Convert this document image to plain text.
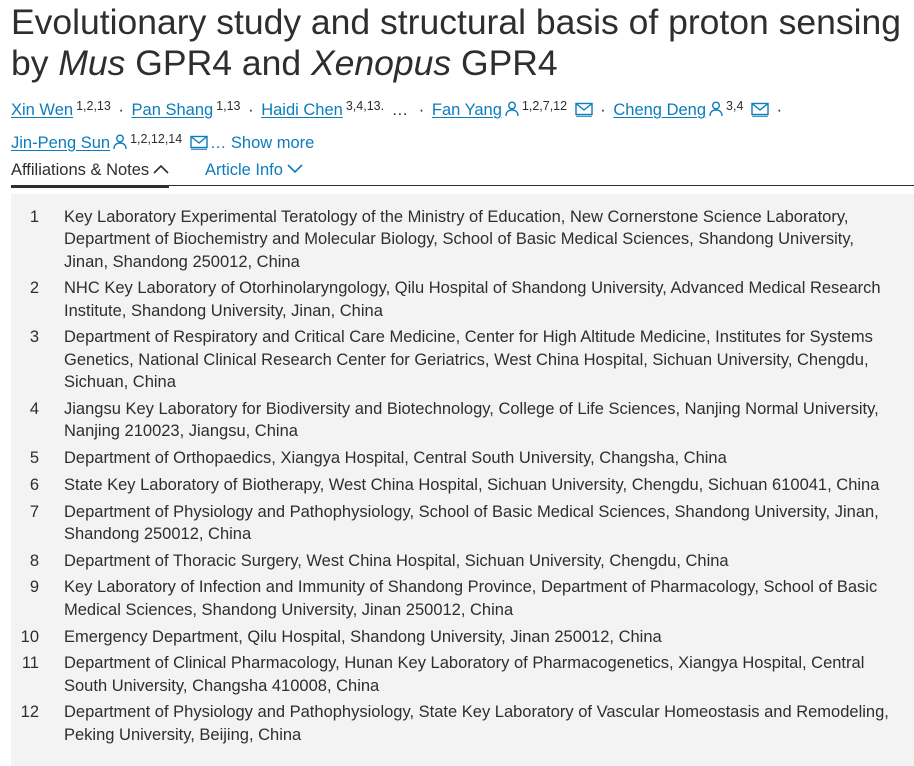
Evolutionary study and structural basis of proton sensing by Mus GPR4 and Xenopus GPR4
Xin Wen $^{1,2,13}$ · Pan Shang $^{1,13}$ · Haidi Chen $^{3,4,13.}$ … · Fan Yang $^{1,2,7,12}$ · Cheng Deng $^{3,4}$ ·
Jin-Peng Sun $^{1,2,12,14}$ … Show more
Affiliations & Notes	Article Info
1 Key Laboratory Experimental Teratology of the Ministry of Education, New Cornerstone Science Laboratory, Department of Biochemistry and Molecular Biology, School of Basic Medical Sciences, Shandong University, Jinan, Shandong 250012, China
2 NHC Key Laboratory of Otorhinolaryngology, Qilu Hospital of Shandong University, Advanced Medical Research Institute, Shandong University, Jinan, China
3 Department of Respiratory and Critical Care Medicine, Center for High Altitude Medicine, Institutes for Systems Genetics, National Clinical Research Center for Geriatrics, West China Hospital, Sichuan University, Chengdu, Sichuan, China
4 Jiangsu Key Laboratory for Biodiversity and Biotechnology, College of Life Sciences, Nanjing Normal University, Nanjing 210023, Jiangsu, China
5 Department of Orthopaedics, Xiangya Hospital, Central South University, Changsha, China
6 State Key Laboratory of Biotherapy, West China Hospital, Sichuan University, Chengdu, Sichuan 610041, China
7 Department of Physiology and Pathophysiology, School of Basic Medical Sciences, Shandong University, Jinan, Shandong 250012, China
8 Department of Thoracic Surgery, West China Hospital, Sichuan University, Chengdu, China
9 Key Laboratory of Infection and Immunity of Shandong Province, Department of Pharmacology, School of Basic Medical Sciences, Shandong University, Jinan 250012, China
10 Emergency Department, Qilu Hospital, Shandong University, Jinan 250012, China
11 Department of Clinical Pharmacology, Hunan Key Laboratory of Pharmacogenetics, Xiangya Hospital, Central South University, Changsha 410008, China
12 Department of Physiology and Pathophysiology, State Key Laboratory of Vascular Homeostasis and Remodeling, Peking University, Beijing, China
